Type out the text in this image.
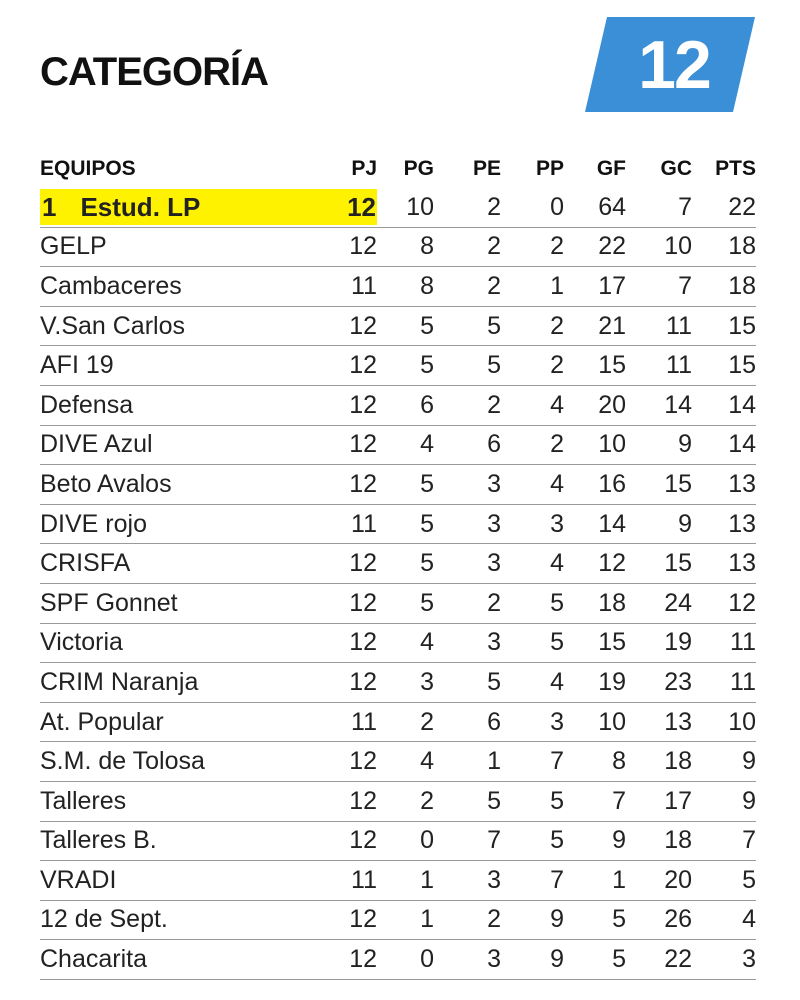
CATEGORÍA	12
EQUIPOS	PJ	PG	PE	PP	GF	GC	PTS
1 Estud. LP	12	10	2	0	64	7	22
GELP	12	8	2	2	22	10	18
Cambaceres	11	8	2	1	17	7	18
V.San Carlos	12	5	5	2	21	11	15
AFI 19	12	5	5	2	15	11	15
Defensa	12	6	2	4	20	14	14
DIVE Azul	12	4	6	2	10	9	14
Beto Avalos	12	5	3	4	16	15	13
DIVE rojo	11	5	3	3	14	9	13
CRISFA	12	5	3	4	12	15	13
SPF Gonnet	12	5	2	5	18	24	12
Victoria	12	4	3	5	15	19	11
CRIM Naranja	12	3	5	4	19	23	11
At. Popular	11	2	6	3	10	13	10
S.M. de Tolosa	12	4	1	7	8	18	9
Talleres	12	2	5	5	7	17	9
Talleres B.	12	0	7	5	9	18	7
VRADI	11	1	3	7	1	20	5
12 de Sept.	12	1	2	9	5	26	4
Chacarita	12	0	3	9	5	22	3
